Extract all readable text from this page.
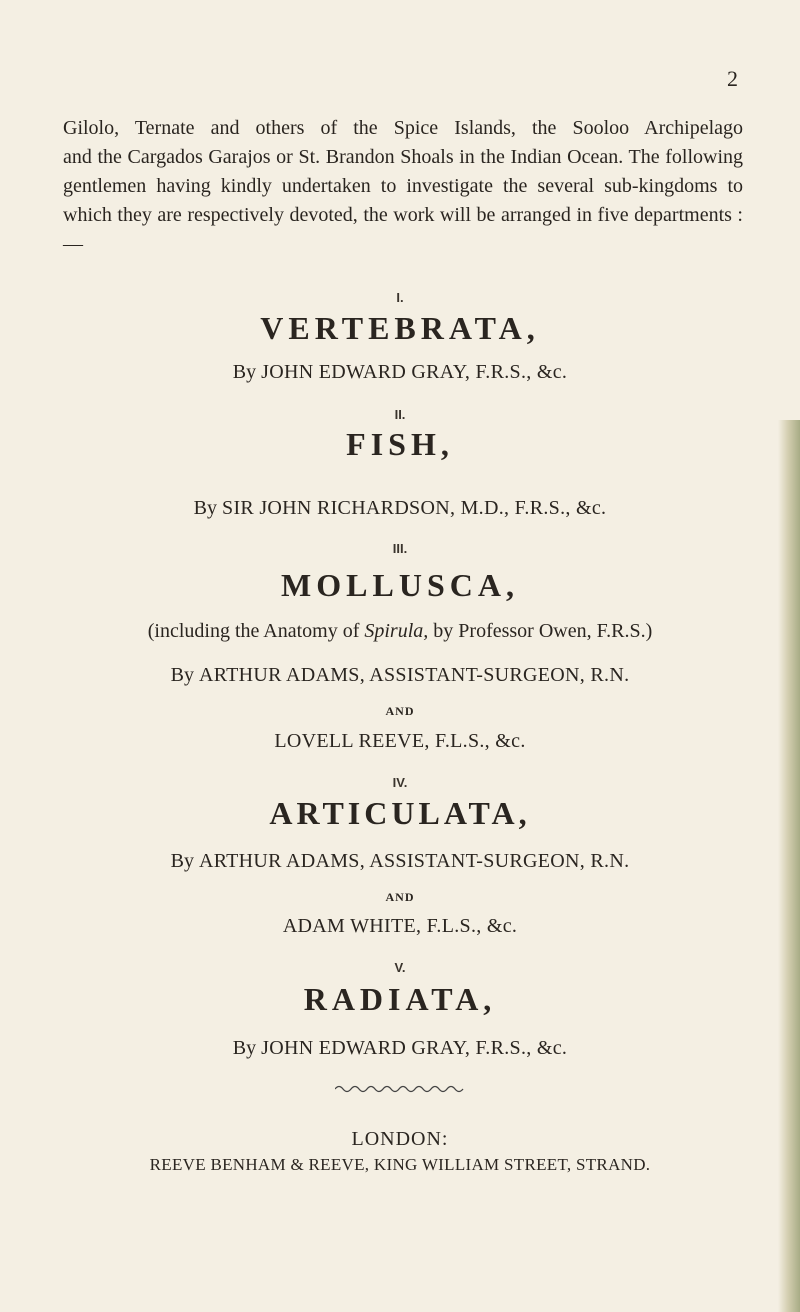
2

Gilolo, Ternate and others of the Spice Islands, the Sooloo Archipelago

and the Cargados Garajos or St. Brandon Shoals in the Indian Ocean. The following gentlemen having kindly undertaken to investigate the several sub-kingdoms to which they are respectively devoted, the work will be arranged in five departments : —

I.
VERTEBRATA,
By JOHN EDWARD GRAY, F.R.S., &c.
II.
FISH,
By SIR JOHN RICHARDSON, M.D., F.R.S., &c.
III.
MOLLUSCA,
(including the Anatomy of Spirula, by Professor Owen, F.R.S.)
By ARTHUR ADAMS, ASSISTANT-SURGEON, R.N.
AND
LOVELL REEVE, F.L.S., &c.
IV.
ARTICULATA,
By ARTHUR ADAMS, ASSISTANT-SURGEON, R.N.
AND
ADAM WHITE, F.L.S., &c.
V.
RADIATA,
By JOHN EDWARD GRAY, F.R.S., &c.
LONDON:
REEVE BENHAM & REEVE, KING WILLIAM STREET, STRAND.
